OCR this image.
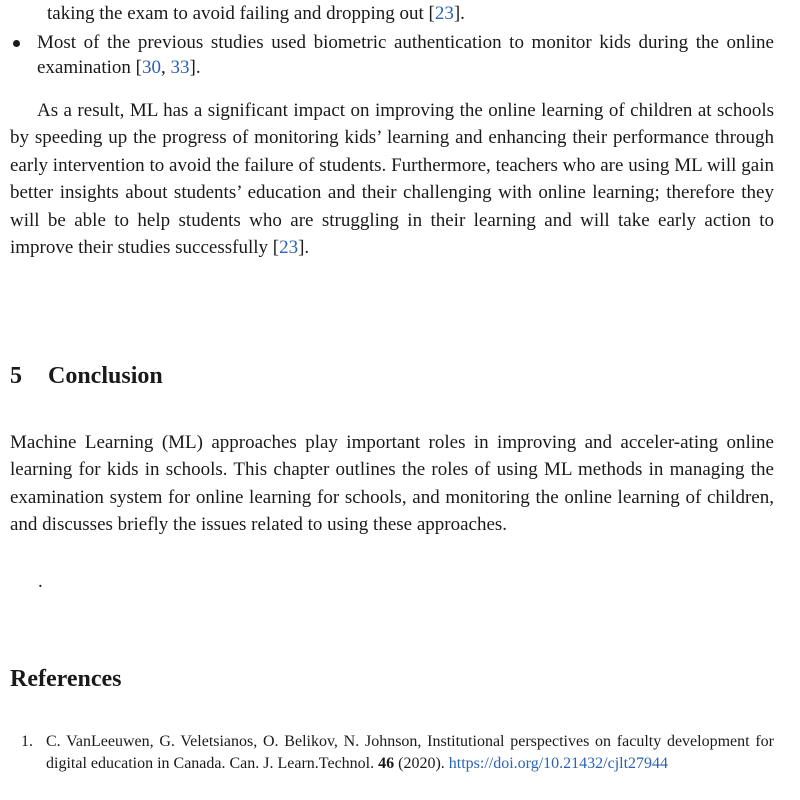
taking the exam to avoid failing and dropping out [23].
Most of the previous studies used biometric authentication to monitor kids during the online examination [30, 33].
As a result, ML has a significant impact on improving the online learning of children at schools by speeding up the progress of monitoring kids’ learning and enhancing their performance through early intervention to avoid the failure of students. Furthermore, teachers who are using ML will gain better insights about students’ education and their challenging with online learning; therefore they will be able to help students who are struggling in their learning and will take early action to improve their studies successfully [23].
5 Conclusion
Machine Learning (ML) approaches play important roles in improving and acceler-ating online learning for kids in schools. This chapter outlines the roles of using ML methods in managing the examination system for online learning for schools, and monitoring the online learning of children, and discusses briefly the issues related to using these approaches.
.
References
1. C. VanLeeuwen, G. Veletsianos, O. Belikov, N. Johnson, Institutional perspectives on faculty development for digital education in Canada. Can. J. Learn.Technol. 46 (2020). https://doi.org/10.21432/cjlt27944
